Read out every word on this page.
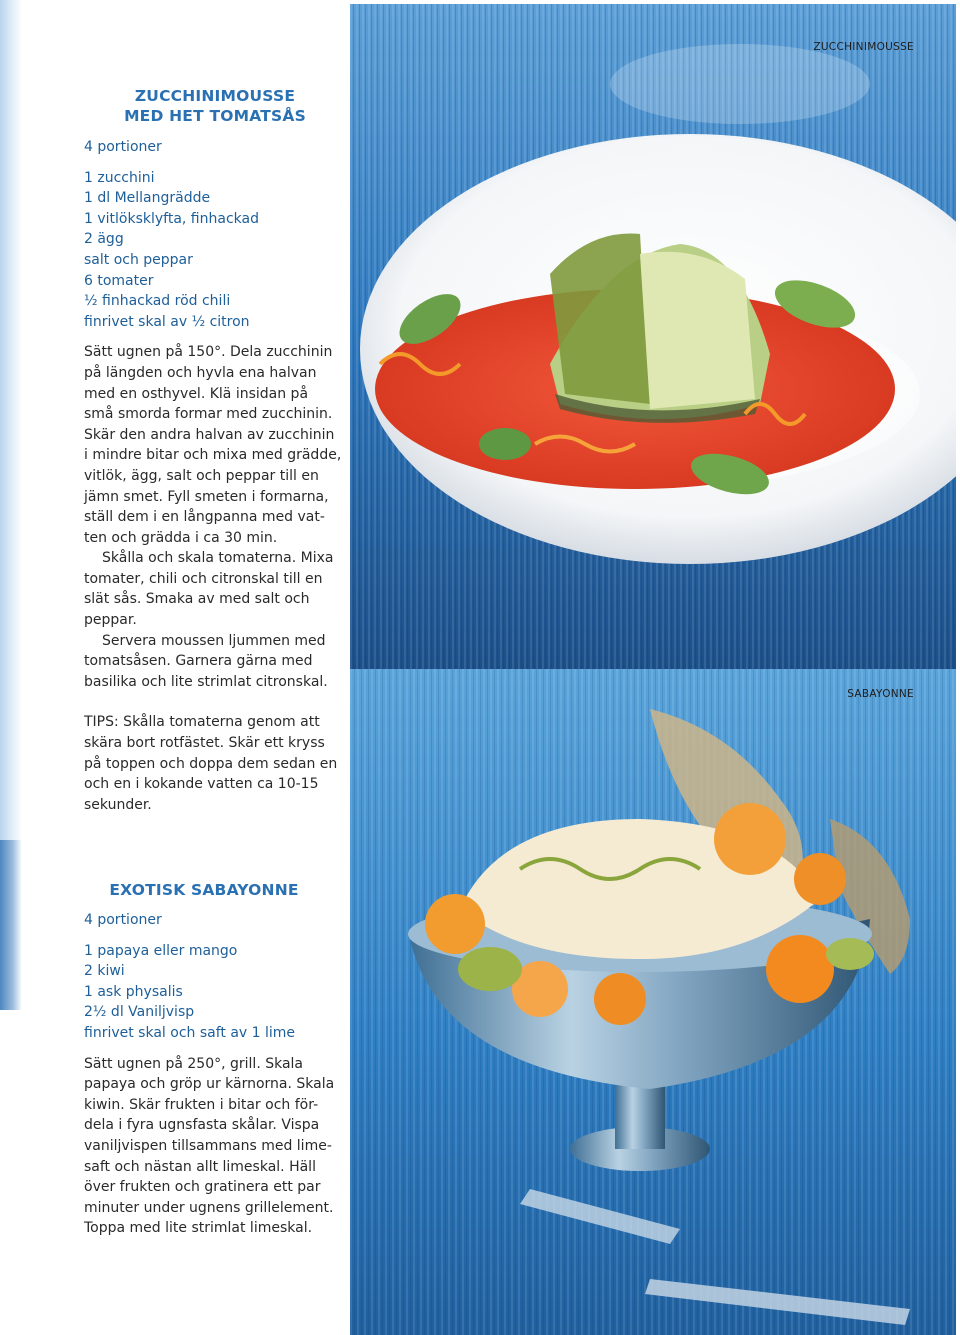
ZUCCHINIMOUSSE
MED HET TOMATSÅS

4 portioner

1 zucchini

1 dl Mellangrädde

1 vitlöksklyfta, finhackad

2 ägg

salt och peppar

6 tomater

½ finhackad röd chili

finrivet skal av ½ citron

Sätt ugnen på 150°. Dela zucchinin

på längden och hyvla ena halvan

med en osthyvel. Klä insidan på

små smorda formar med zucchinin.

Skär den andra halvan av zucchinin

i mindre bitar och mixa med grädde,

vitlök, ägg, salt och peppar till en

jämn smet. Fyll smeten i formarna,

ställ dem i en långpanna med vat-

ten och grädda i ca 30 min.

Skålla och skala tomaterna. Mixa

tomater, chili och citronskal till en

slät sås. Smaka av med salt och

peppar.

Servera moussen ljummen med

tomatsåsen. Garnera gärna med

basilika och lite strimlat citronskal.

TIPS: Skålla tomaterna genom att

skära bort rotfästet. Skär ett kryss

på toppen och doppa dem sedan en

och en i kokande vatten ca 10-15

sekunder.

EXOTISK SABAYONNE

4 portioner

1 papaya eller mango

2 kiwi

1 ask physalis

2½ dl Vaniljvisp

finrivet skal och saft av 1 lime

Sätt ugnen på 250°, grill. Skala

papaya och gröp ur kärnorna. Skala

kiwin. Skär frukten i bitar och för-

dela i fyra ugnsfasta skålar. Vispa

vaniljvispen tillsammans med lime-

saft och nästan allt limeskal. Häll

över frukten och gratinera ett par

minuter under ugnens grillelement.

Toppa med lite strimlat limeskal.

ZUCCHINIMOUSSE
SABAYONNE
